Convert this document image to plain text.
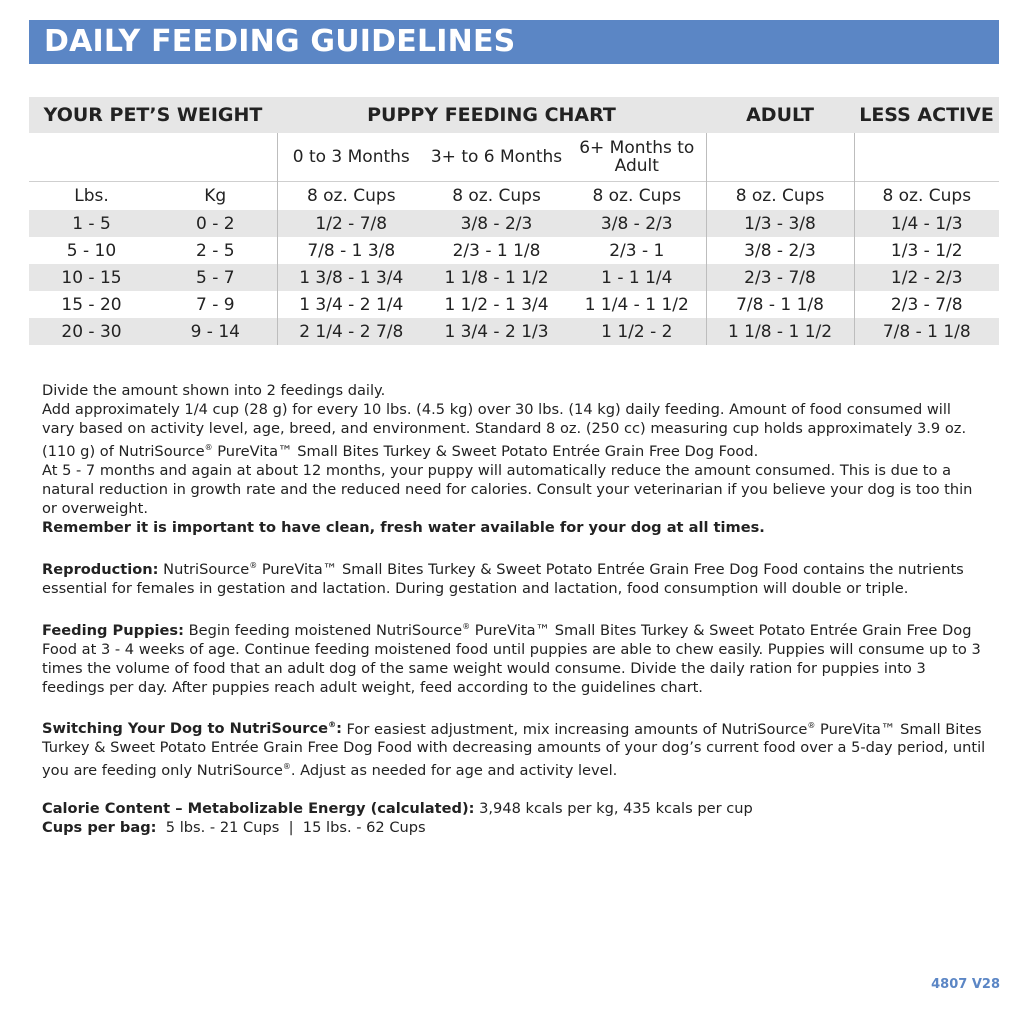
DAILY FEEDING GUIDELINES
YOUR PET’S WEIGHT		PUPPY FEEDING CHART			ADULT	LESS ACTIVE
		0 to 3 Months	3+ to 6 Months	6+ Months to Adult		
Lbs.	Kg	8 oz. Cups	8 oz. Cups	8 oz. Cups	8 oz. Cups	8 oz. Cups
1 - 5	0 - 2	1/2 - 7/8	3/8 - 2/3	3/8 - 2/3	1/3 - 3/8	1/4 - 1/3
5 - 10	2 - 5	7/8 - 1 3/8	2/3 - 1 1/8	2/3 - 1	3/8 - 2/3	1/3 - 1/2
10 - 15	5 - 7	1 3/8 - 1 3/4	1 1/8 - 1 1/2	1 - 1 1/4	2/3 - 7/8	1/2 - 2/3
15 - 20	7 - 9	1 3/4 - 2 1/4	1 1/2 - 1 3/4	1 1/4 - 1 1/2	7/8 - 1 1/8	2/3 - 7/8
20 - 30	9 - 14	2 1/4 - 2 7/8	1 3/4 - 2 1/3	1 1/2 - 2	1 1/8 - 1 1/2	7/8 - 1 1/8

Divide the amount shown into 2 feedings daily.

Add approximately 1/4 cup (28 g) for every 10 lbs. (4.5 kg) over 30 lbs. (14 kg) daily feeding. Amount of food consumed will vary based on activity level, age, breed, and environment. Standard 8 oz. (250 cc) measuring cup holds approximately 3.9 oz. (110 g) of NutriSource® PureVita™ Small Bites Turkey & Sweet Potato Entrée Grain Free Dog Food.

At 5 - 7 months and again at about 12 months, your puppy will automatically reduce the amount consumed. This is due to a natural reduction in growth rate and the reduced need for calories. Consult your veterinarian if you believe your dog is too thin or overweight.

Remember it is important to have clean, fresh water available for your dog at all times.

Reproduction: NutriSource® PureVita™ Small Bites Turkey & Sweet Potato Entrée Grain Free Dog Food contains the nutrients essential for females in gestation and lactation. During gestation and lactation, food consumption will double or triple.

Feeding Puppies: Begin feeding moistened NutriSource® PureVita™ Small Bites Turkey & Sweet Potato Entrée Grain Free Dog Food at 3 - 4 weeks of age. Continue feeding moistened food until puppies are able to chew easily. Puppies will consume up to 3 times the volume of food that an adult dog of the same weight would consume. Divide the daily ration for puppies into 3 feedings per day. After puppies reach adult weight, feed according to the guidelines chart.

Switching Your Dog to NutriSource®: For easiest adjustment, mix increasing amounts of NutriSource® PureVita™ Small Bites Turkey & Sweet Potato Entrée Grain Free Dog Food with decreasing amounts of your dog’s current food over a 5-day period, until you are feeding only NutriSource®. Adjust as needed for age and activity level.

Calorie Content – Metabolizable Energy (calculated): 3,948 kcals per kg, 435 kcals per cup

Cups per bag:  5 lbs. - 21 Cups  |  15 lbs. - 62 Cups

4807 V28
